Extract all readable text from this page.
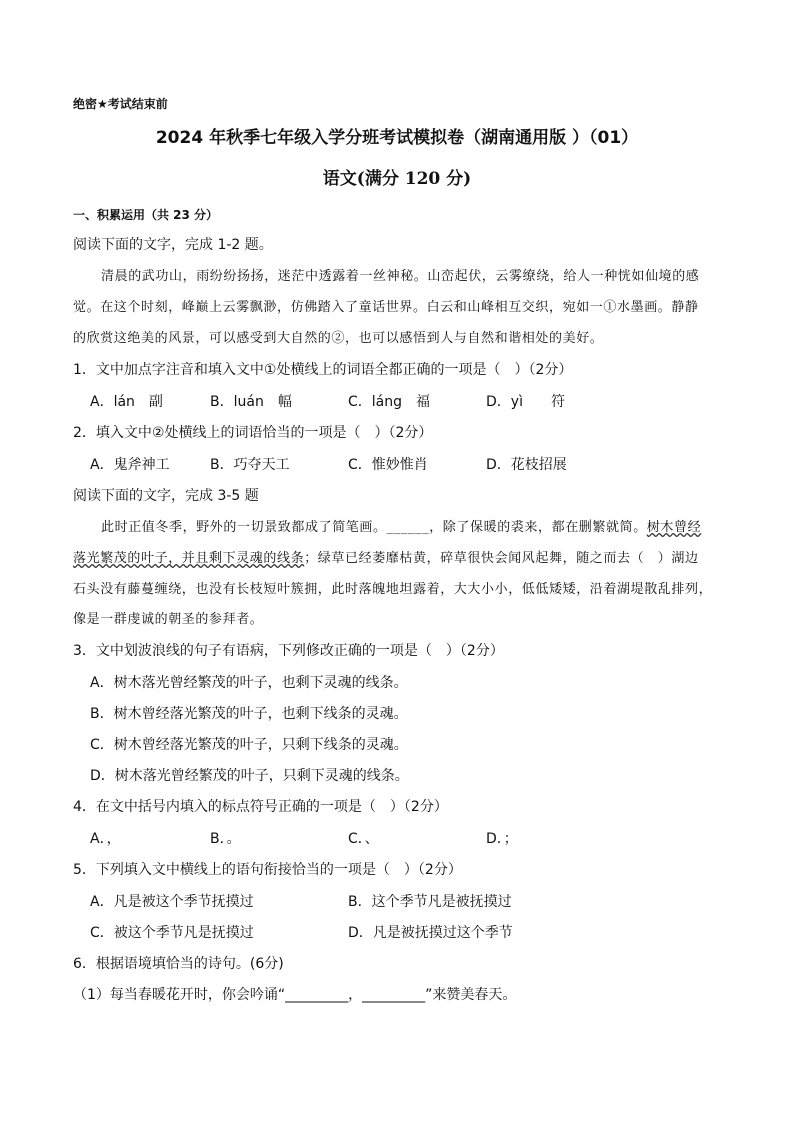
绝密★考试结束前
2024 年秋季七年级入学分班考试模拟卷（湖南通用版 ）（01）
语文(满分 120 分)
一、积累运用（共 23 分）
阅读下面的文字，完成 1-2 题。
清晨的武功山，雨纷纷扬扬，迷茫中透露着一丝神秘。山峦起伏，云雾缭绕，给人一种恍如仙境的感
觉。在这个时刻，峰巅上云雾飘渺，仿佛踏入了童话世界。白云和山峰相互交织，宛如一①水墨画。静静
的欣赏这绝美的风景，可以感受到大自然的②，也可以感悟到人与自然和谐相处的美好。
1．文中加点字注音和填入文中①处横线上的词语全都正确的一项是（　）（2分）
A．lán　副	B．luán　幅	C．láng　福	D．yì　　符
2．填入文中②处横线上的词语恰当的一项是（　）（2分）
A．鬼斧神工	B．巧夺天工	C．惟妙惟肖	D．花枝招展
阅读下面的文字，完成 3-5 题
此时正值冬季，野外的一切景致都成了简笔画。______，除了保暖的裘来，都在删繁就简。树木曾经
落光繁茂的叶子，并且剩下灵魂的线条；绿草已经萎靡枯黄，碎草很快会闻风起舞，随之而去（　）湖边
石头没有藤蔓缠绕，也没有长枝短叶簇拥，此时落魄地坦露着，大大小小，低低矮矮，沿着湖堤散乱排列，
像是一群虔诚的朝圣的参拜者。
3．文中划波浪线的句子有语病，下列修改正确的一项是（　）（2分）
A．树木落光曾经繁茂的叶子，也剩下灵魂的线条。
B．树木曾经落光繁茂的叶子，也剩下线条的灵魂。
C．树木曾经落光繁茂的叶子，只剩下线条的灵魂。
D．树木落光曾经繁茂的叶子，只剩下灵魂的线条。
4．在文中括号内填入的标点符号正确的一项是（　）（2分）
A．，	B．。	C．、	D．；
5．下列填入文中横线上的语句衔接恰当的一项是（　）（2分）
A．凡是被这个季节抚摸过	B．这个季节凡是被抚摸过
C．被这个季节凡是抚摸过	D．凡是被抚摸过这个季节
6．根据语境填恰当的诗句。(6分)
（1）每当春暖花开时，你会吟诵“_________，_________”来赞美春天。
